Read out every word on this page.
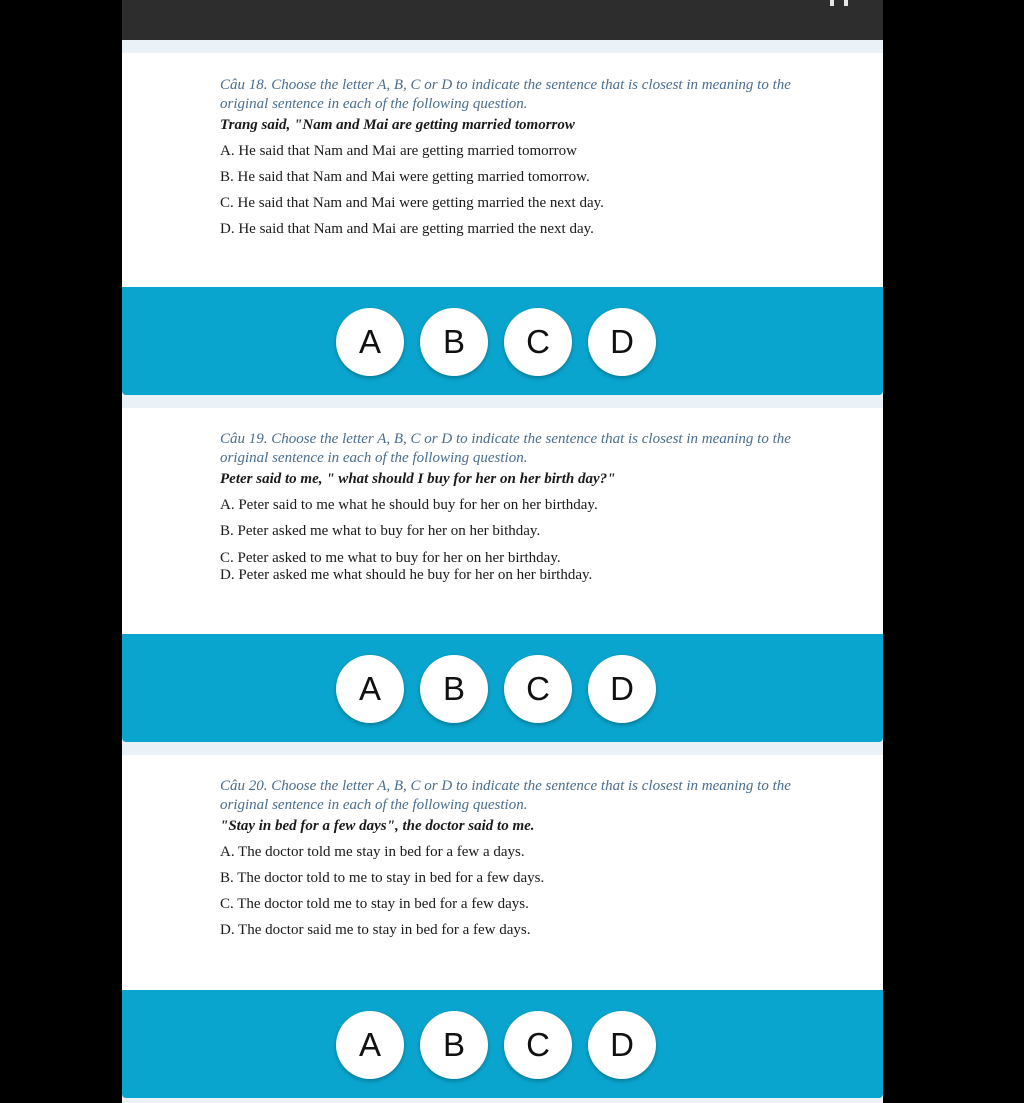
Câu 18. Choose the letter A, B, C or D to indicate the sentence that is closest in meaning to the original sentence in each of the following question.

Trang said, "Nam and Mai are getting married tomorrow

A. He said that Nam and Mai are getting married tomorrow

B. He said that Nam and Mai were getting married tomorrow.

C. He said that Nam and Mai were getting married the next day.

D. He said that Nam and Mai are getting married the next day.

A	B	C	D

Câu 19. Choose the letter A, B, C or D to indicate the sentence that is closest in meaning to the original sentence in each of the following question.

Peter said to me, " what should I buy for her on her birth day?"

A. Peter said to me what he should buy for her on her birthday.

B. Peter asked me what to buy for her on her bithday.

C. Peter asked to me what to buy for her on her birthday.

D. Peter asked me what should he buy for her on her birthday.

A	B	C	D

Câu 20. Choose the letter A, B, C or D to indicate the sentence that is closest in meaning to the original sentence in each of the following question.

"Stay in bed for a few days", the doctor said to me.

A. The doctor told me stay in bed for a few a days.

B. The doctor told to me to stay in bed for a few days.

C. The doctor told me to stay in bed for a few days.

D. The doctor said me to stay in bed for a few days.

A	B	C	D
